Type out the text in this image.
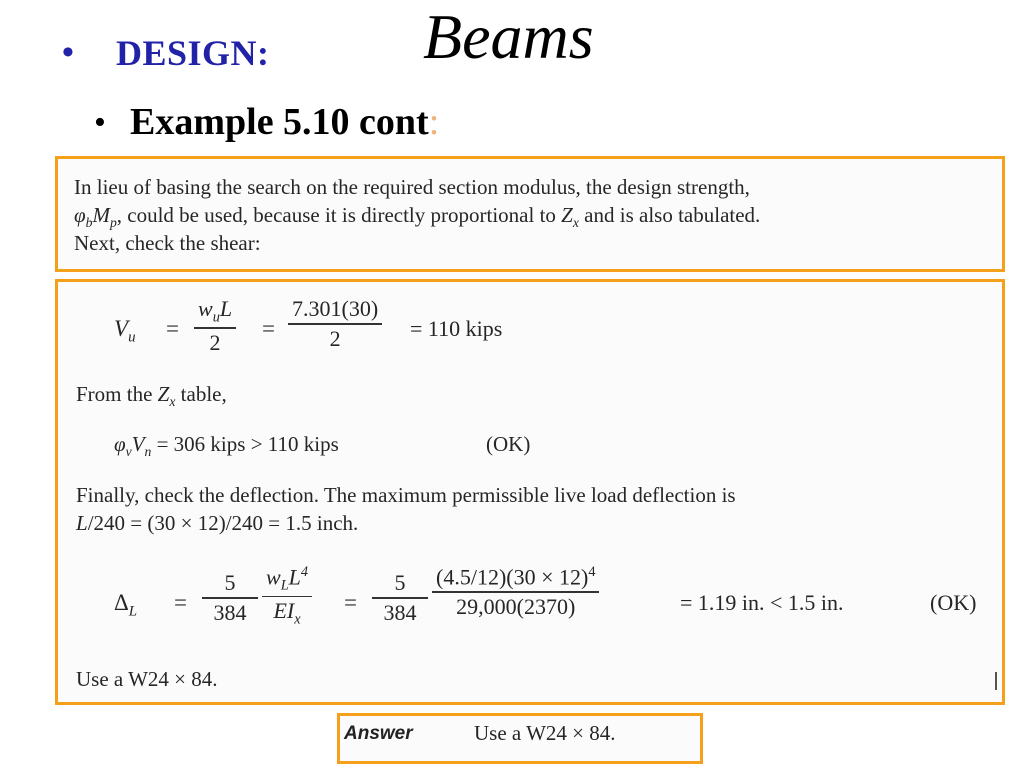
• DESIGN: Beams
• Example 5.10 cont:
In lieu of basing the search on the required section modulus, the design strength,
$\varphi_bM_p$, could be used, because it is directly proportional to $Z_x$ and is also tabulated.
Next, check the shear:
$V_u$ =
$w_uL$
2
=
7.301(30)
2	= 110 kips
From the $Z_x$ table,
$\varphi_vV_n = 306$ kips > 110 kips	(OK)
Finally, check the deflection. The maximum permissible live load deflection is
L/240 = (30 × 12)/240 = 1.5 inch.
$\Delta_L$ =
5
384
$w_LL^4$
$EI_x$
=
5
384
$(4.5/12)(30 \times 12)^4$
29,000(2370)	= 1.19 in. < 1.5 in.	(OK)
Use a W24 × 84.
Answer	Use a W24 × 84.
